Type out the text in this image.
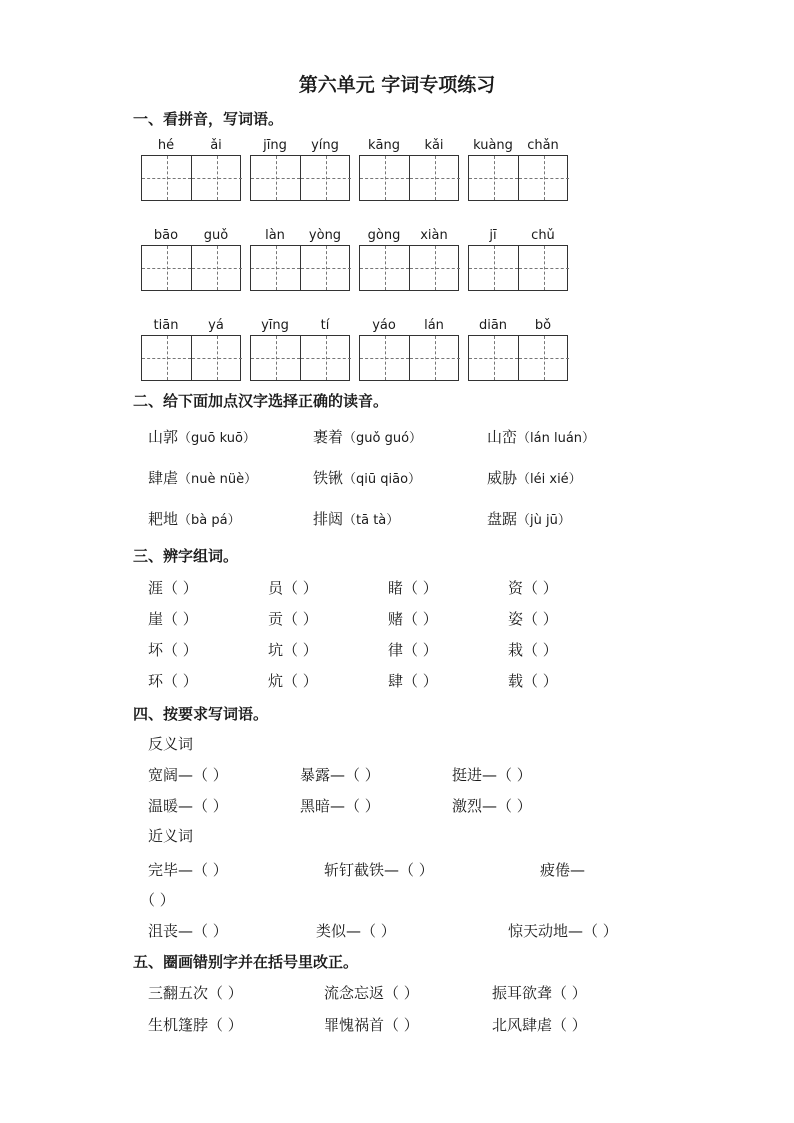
第六单元 字词专项练习
一、看拼音，写词语。
hé	ǎi	jīng	yíng	kāng	kǎi	kuàng	chǎn
bāo	guǒ	làn	yòng	gòng	xiàn	jī	chǔ
tiān	yá	yīng	tí	yáo	lán	diān	bǒ
二、给下面加点汉字选择正确的读音。
山郭（guō kuō）	裹着（guǒ guó）	山峦（lán luán）
肆虐（nuè nüè）	铁锹（qiū qiāo）	威胁（léi xié）
耙地（bà pá）	排闼（tā tà）	盘踞（jù jū）
三、辨字组词。
涯（ ）	员（ ）	睹（ ）	资（ ）
崖（ ）	贡（ ）	赌（ ）	姿（ ）
坏（ ）	坑（ ）	律（ ）	栽（ ）
环（ ）	炕（ ）	肆（ ）	载（ ）
四、按要求写词语。
反义词
宽阔—（ ）	暴露—（ ）	挺进—（ ）
温暖—（ ）	黑暗—（ ）	激烈—（ ）
近义词
完毕—（ ）	斩钉截铁—（ ）	疲倦—
（ ）
沮丧—（ ）	类似—（ ）	惊天动地—（ ）
五、圈画错别字并在括号里改正。
三翻五次（ ）	流念忘返（ ）	振耳欲聋（ ）
生机篷脖（ ）	罪愧祸首（ ）	北风肆虐（ ）
